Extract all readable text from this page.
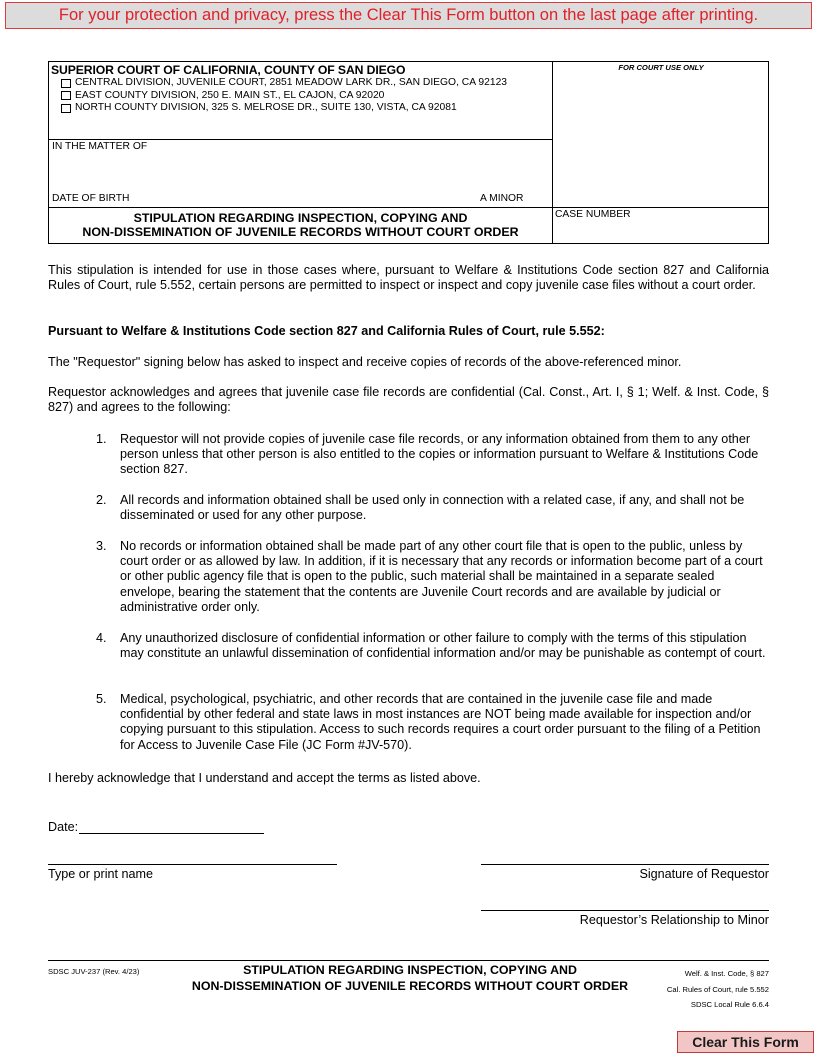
For your protection and privacy, press the Clear This Form button on the last page after printing.
SUPERIOR COURT OF CALIFORNIA, COUNTY OF SAN DIEGO
CENTRAL DIVISION, JUVENILE COURT, 2851 MEADOW LARK DR., SAN DIEGO, CA 92123
EAST COUNTY DIVISION, 250 E. MAIN ST., EL CAJON, CA 92020
NORTH COUNTY DIVISION, 325 S. MELROSE DR., SUITE 130, VISTA, CA 92081
IN THE MATTER OF
DATE OF BIRTH	A MINOR
STIPULATION REGARDING INSPECTION, COPYING AND
NON-DISSEMINATION OF JUVENILE RECORDS WITHOUT COURT ORDER
FOR COURT USE ONLY
CASE NUMBER
This stipulation is intended for use in those cases where, pursuant to Welfare & Institutions Code section 827 and California Rules of Court, rule 5.552, certain persons are permitted to inspect or inspect and copy juvenile case files without a court order.
Pursuant to Welfare & Institutions Code section 827 and California Rules of Court, rule 5.552:
The "Requestor" signing below has asked to inspect and receive copies of records of the above-referenced minor.
Requestor acknowledges and agrees that juvenile case file records are confidential (Cal. Const., Art. I, § 1; Welf. & Inst. Code, § 827) and agrees to the following:
1. Requestor will not provide copies of juvenile case file records, or any information obtained from them to any other person unless that other person is also entitled to the copies or information pursuant to Welfare & Institutions Code section 827.
2. All records and information obtained shall be used only in connection with a related case, if any, and shall not be disseminated or used for any other purpose.
3. No records or information obtained shall be made part of any other court file that is open to the public, unless by court order or as allowed by law. In addition, if it is necessary that any records or information become part of a court or other public agency file that is open to the public, such material shall be maintained in a separate sealed envelope, bearing the statement that the contents are Juvenile Court records and are available by judicial or administrative order only.
4. Any unauthorized disclosure of confidential information or other failure to comply with the terms of this stipulation may constitute an unlawful dissemination of confidential information and/or may be punishable as contempt of court.
5. Medical, psychological, psychiatric, and other records that are contained in the juvenile case file and made confidential by other federal and state laws in most instances are NOT being made available for inspection and/or copying pursuant to this stipulation. Access to such records requires a court order pursuant to the filing of a Petition for Access to Juvenile Case File (JC Form #JV-570).
I hereby acknowledge that I understand and accept the terms as listed above.
Date:
Type or print name	Signature of Requestor
Requestor’s Relationship to Minor
SDSC JUV-237 (Rev. 4/23)	STIPULATION REGARDING INSPECTION, COPYING AND
NON-DISSEMINATION OF JUVENILE RECORDS WITHOUT COURT ORDER
Welf. & Inst. Code, § 827
Cal. Rules of Court, rule 5.552
SDSC Local Rule 6.6.4
Clear This Form
